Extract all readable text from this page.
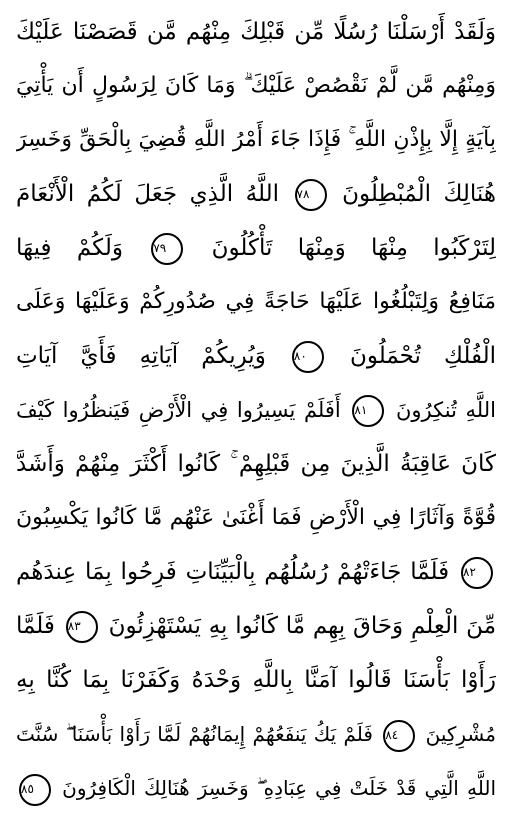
وَلَقَدْ أَرْسَلْنَا رُسُلًا مِّن قَبْلِكَ مِنْهُم مَّن قَصَصْنَا عَلَيْكَ
وَمِنْهُم مَّن لَّمْ نَقْصُصْ عَلَيْكَ ۗ وَمَا كَانَ لِرَسُولٍ أَن يَأْتِيَ
بِآيَةٍ إِلَّا بِإِذْنِ اللَّهِ ۚ فَإِذَا جَاءَ أَمْرُ اللَّهِ قُضِيَ بِالْحَقِّ وَخَسِرَ
هُنَالِكَ الْمُبْطِلُونَ ٧٨ اللَّهُ الَّذِي جَعَلَ لَكُمُ الْأَنْعَامَ
لِتَرْكَبُوا مِنْهَا وَمِنْهَا تَأْكُلُونَ ٧٩ وَلَكُمْ فِيهَا
مَنَافِعُ وَلِتَبْلُغُوا عَلَيْهَا حَاجَةً فِي صُدُورِكُمْ وَعَلَيْهَا وَعَلَى
الْفُلْكِ تُحْمَلُونَ ٨٠ وَيُرِيكُمْ آيَاتِهِ فَأَيَّ آيَاتِ
اللَّهِ تُنكِرُونَ ٨١ أَفَلَمْ يَسِيرُوا فِي الْأَرْضِ فَيَنظُرُوا كَيْفَ
كَانَ عَاقِبَةُ الَّذِينَ مِن قَبْلِهِمْ ۚ كَانُوا أَكْثَرَ مِنْهُمْ وَأَشَدَّ
قُوَّةً وَآثَارًا فِي الْأَرْضِ فَمَا أَغْنَىٰ عَنْهُم مَّا كَانُوا يَكْسِبُونَ
٨٢ فَلَمَّا جَاءَتْهُمْ رُسُلُهُم بِالْبَيِّنَاتِ فَرِحُوا بِمَا عِندَهُم
مِّنَ الْعِلْمِ وَحَاقَ بِهِم مَّا كَانُوا بِهِ يَسْتَهْزِئُونَ ٨٣ فَلَمَّا
رَأَوْا بَأْسَنَا قَالُوا آمَنَّا بِاللَّهِ وَحْدَهُ وَكَفَرْنَا بِمَا كُنَّا بِهِ
مُشْرِكِينَ ٨٤ فَلَمْ يَكُ يَنفَعُهُمْ إِيمَانُهُمْ لَمَّا رَأَوْا بَأْسَنَا ۖ سُنَّتَ
اللَّهِ الَّتِي قَدْ خَلَتْ فِي عِبَادِهِ ۖ وَخَسِرَ هُنَالِكَ الْكَافِرُونَ ٨٥
